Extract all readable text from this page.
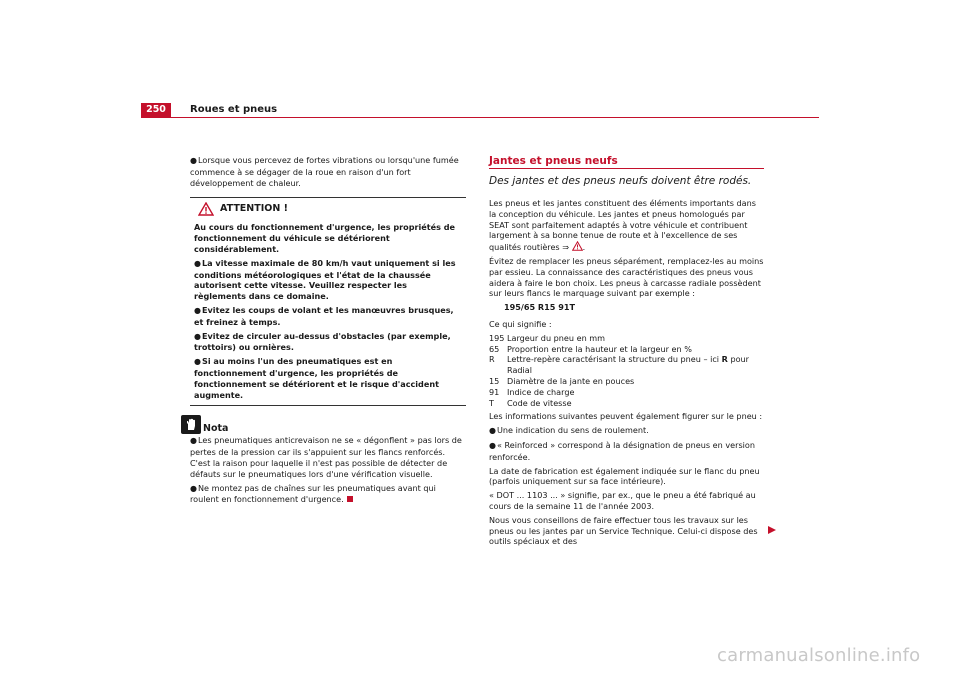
250	Roues et pneus

●Lorsque vous percevez de fortes vibrations ou lorsqu'une fumée commence à se dégager de la roue en raison d'un fort développement de chaleur.

ATTENTION !

Au cours du fonctionnement d'urgence, les propriétés de fonctionnement du véhicule se détériorent considérablement.

●La vitesse maximale de 80 km/h vaut uniquement si les conditions météorologiques et l'état de la chaussée autorisent cette vitesse. Veuillez respecter les règlements dans ce domaine.

●Evitez les coups de volant et les manœuvres brusques, et freinez à temps.

●Evitez de circuler au-dessus d'obstacles (par exemple, trottoirs) ou ornières.

●Si au moins l'un des pneumatiques est en fonctionnement d'urgence, les propriétés de fonctionnement se détériorent et le risque d'accident augmente.

Nota

●Les pneumatiques anticrevaison ne se « dégonflent » pas lors de pertes de la pression car ils s'appuient sur les flancs renforcés. C'est la raison pour laquelle il n'est pas possible de détecter de défauts sur le pneumatiques lors d'une vérification visuelle.

●Ne montez pas de chaînes sur les pneumatiques avant qui roulent en fonctionnement d'urgence.

Jantes et pneus neufs

Des jantes et des pneus neufs doivent être rodés.

Les pneus et les jantes constituent des éléments importants dans la conception du véhicule. Les jantes et pneus homologués par SEAT sont parfaitement adaptés à votre véhicule et contribuent largement à sa bonne tenue de route et à l'excellence de ses qualités routières ⇒ .

Évitez de remplacer les pneus séparément, remplacez-les au moins par essieu. La connaissance des caractéristiques des pneus vous aidera à faire le bon choix. Les pneus à carcasse radiale possèdent sur leurs flancs le marquage suivant par exemple :

195/65 R15 91T

Ce qui signifie :

195 Largeur du pneu en mm
65 Proportion entre la hauteur et la largeur en %
R	Lettre-repère caractérisant la structure du pneu – ici R pour Radial
15 Diamètre de la jante en pouces
91 Indice de charge
T	Code de vitesse

Les informations suivantes peuvent également figurer sur le pneu :

●Une indication du sens de roulement.

●« Reinforced » correspond à la désignation de pneus en version renforcée.

La date de fabrication est également indiquée sur le flanc du pneu (parfois uniquement sur sa face intérieure).

« DOT ... 1103 ... » signifie, par ex., que le pneu a été fabriqué au cours de la semaine 11 de l'année 2003.

Nous vous conseillons de faire effectuer tous les travaux sur les pneus ou les jantes par un Service Technique. Celui-ci dispose des outils spéciaux et des

carmanualsonline.info
